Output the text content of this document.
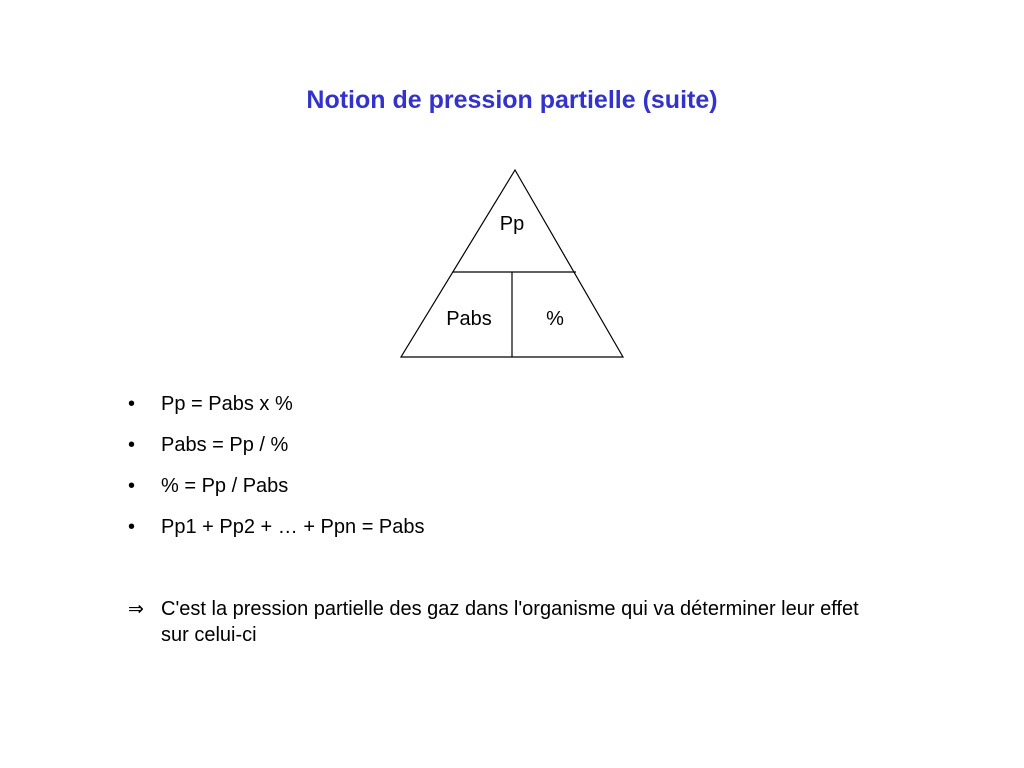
Notion de pression partielle (suite)
Pp
Pabs	%
• Pp = Pabs x %
• Pabs = Pp / %
• % = Pp / Pabs
• Pp1 + Pp2 + … + Ppn = Pabs
⇒ C'est la pression partielle des gaz dans l'organisme qui va déterminer leur effet sur celui-ci
